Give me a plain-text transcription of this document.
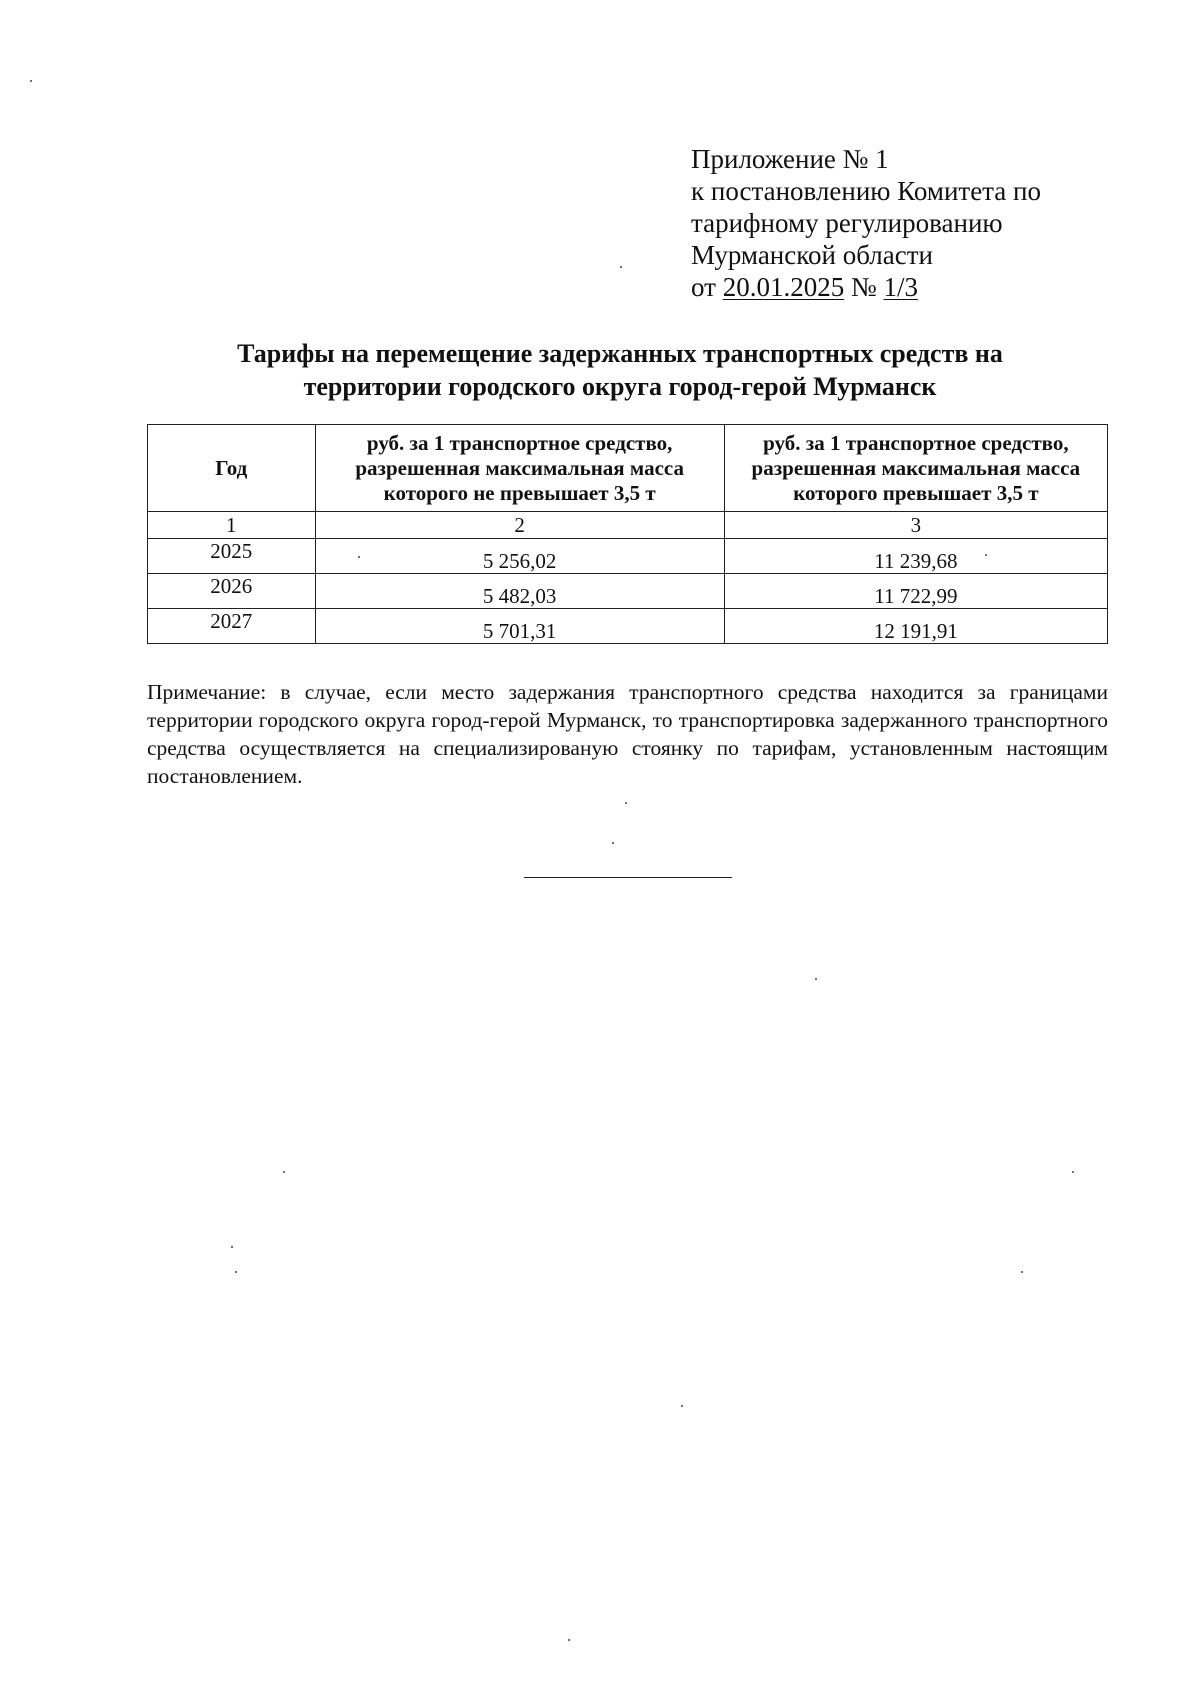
Приложение № 1
к постановлению Комитета по
тарифному регулированию
Мурманской области
от 20.01.2025 № 1/3
Тарифы на перемещение задержанных транспортных средств на
территории городского округа город-герой Мурманск
Год	руб. за 1 транспортное средство, разрешенная максимальная масса которого не превышает 3,5 т	руб. за 1 транспортное средство, разрешенная максимальная масса которого превышает 3,5 т
1	2	3
2025	5 256,02	11 239,68
2026	5 482,03	11 722,99
2027	5 701,31	12 191,91
Примечание: в случае, если место задержания транспортного средства находится за границами территории городского округа город-герой Мурманск, то транспортировка задержанного транспортного средства осуществляется на специализированую стоянку по тарифам, установленным настоящим постановлением.
